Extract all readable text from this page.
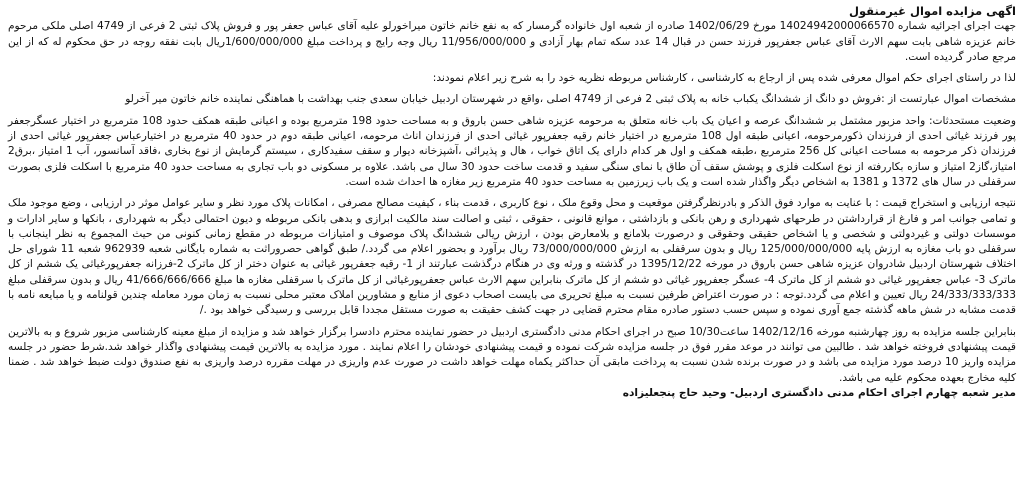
اگهی مزایده اموال غیرمنقول

جهت اجرای اجرائیه شماره 14024942000066570 مورخ 1402/06/29 صادره از شعبه اول خانواده گرمسار که به نفع خانم خاتون میراخورلو علیه آقای عباس جعفر پور و فروش پلاک ثبتی 2 فرعی از 4749 اصلی ملکی مرحوم خانم عزیزه شاهی بابت سهم الارث آقای عباس جعفرپور فرزند حسن در قبال 14 عدد سکه تمام بهار آزادی و 11/956/000/000 ریال وجه رایج و پرداخت مبلغ 1/600/000/000ریال بابت نفقه روجه در حق محکوم له که از این مرجع صادر گردیده است.

لذا در راستای اجرای حکم اموال معرفی شده پس از ارجاع به کارشناسی ، کارشناس مربوطه نظریه خود را به شرح زیر اعلام نمودند:

مشخصات اموال عبارتست از :فروش دو دانگ از ششدانگ یکباب خانه به پلاک ثبتی 2 فرعی از 4749 اصلی ،واقع در شهرستان اردبیل خیابان سعدی جنب بهداشت با هماهنگی نماینده خانم خاتون میر آخرلو

وضعیت مستحدثات: واحد مزبور مشتمل بر ششدانگ عرصه و اعیان یک باب خانه متعلق به مرحومه عزیزه شاهی حسن باروق و به مساحت حدود 198 مترمربع بوده و اعیانی طبقه همکف حدود 108 مترمربع در اختیار عسگرجعفر پور فرزند غیاثی احدی از فرزندان ذکورمرحومه، اعیانی طبقه اول 108 مترمربع در اختیار خانم رقیه جعفرپور غیاثی احدی از فرزندان اناث مرحومه، اعیانی طبقه دوم در حدود 40 مترمربع در اختیارعباس جعفرپور غیاثی احدی از فرزندان ذکر مرحومه به مساحت اعیانی کل 256 مترمربع ،طبقه همکف و اول هر کدام دارای یک اتاق خواب ، هال و پذیرائی ،آشپزخانه دیوار و سقف سفیدکاری ، سیستم گرمایش از نوع بخاری ،فاقد آسانسور، آب 1 امتیاز ،برق2 امتیاز،گاز2 امتیاز و سازه بکاررفته از نوع اسکلت فلزی و پوشش سقف آن طاق با نمای سنگی سفید و قدمت ساخت حدود 30 سال می باشد. علاوه بر مسکونی دو باب تجاری به مساحت حدود 40 مترمربع با اسکلت فلزی بصورت سرقفلی در سال های 1372 و 1381 به اشخاص دیگر واگذار شده است و یک باب زیرزمین به مساحت حدود 40 مترمربع زیر مغازه ها احداث شده است.

نتیجه ارزیابی و استخراج قیمت : با عنایت به موارد فوق الذکر و بادرنظرگرفتن موقعیت و محل وقوع ملک ، نوع کاربری ، قدمت بناء ، کیفیت مصالح مصرفی ، امکانات پلاک مورد نظر و سایر عوامل موثر در ارزیابی ، وضع موجود ملک و تمامی جوانب امر و فارغ از قرارداشتن در طرحهای شهرداری و رهن بانکی و بازداشتی ، موانع قانونی ، حقوقی ، ثبتی و اصالت سند مالکیت ابرازی و بدهی بانکی مربوطه و دیون احتمالی دیگر به شهرداری ، بانکها و سایر ادارات و موسسات دولتی و غیردولتی و شخصی و یا اشخاص حقیقی وحقوقی و درصورت بلامانع و بلامعارض بودن ، ارزش ریالی ششدانگ پلاک موصوف و امتیازات مربوطه در مقطع زمانی کنونی من حیث المجموع به نظر اینجانب با سرقفلی دو باب مغازه به ارزش پایه 125/000/000/000 ریال و بدون سرقفلی به ارزش 73/000/000/000 ریال برآورد و بحضور اعلام می گردد./ طبق گواهی حصروراثت به شماره بایگانی شعبه 962939 شعبه 11 شورای حل اختلاف شهرستان اردبیل شادروان عزیزه شاهی حسن باروق در مورخه 1395/12/22 در گذشته و ورثه وی در هنگام درگذشت عبارتند از 1- رقیه جعفرپور غیاثی به عنوان دختر از کل ماترک 2-فرزانه جعفرپورغیاثی یک ششم از کل ماترک 3- عباس جعفرپور غیاثی دو ششم از کل ماترک 4- عسگر جعفرپور غیاثی دو ششم از کل ماترک بنابراین سهم الارث عباس جعفرپورغیاثی از کل ماترک با سرقفلی مغازه ها مبلغ 41/666/666/666 ریال و بدون سرقفلی مبلغ 24/333/333/333 ریال تعیین و اعلام می گردد.توجه : در صورت اعتراض طرفین نسبت به مبلغ تحریری می بایست اصحاب دعوی از منابع و مشاورین املاک معتبر محلی نسبت به زمان مورد معامله چندین قولنامه و یا مبایعه نامه با قدمت مشابه در شش ماهه گذشته جمع آوری نموده و سپس حسب دستور صادره مقام محترم قضایی در جهت کشف حقیقت به صورت مستقل مجددا قابل بررسی و رسیدگی خواهد بود ./

بنابراین جلسه مزایده به روز چهارشنبه مورخه 1402/12/16 ساعت10/30 صبح در اجرای احکام مدنی دادگستری اردبیل در حضور نماینده محترم دادسرا برگزار خواهد شد و مزایده از مبلغ معینه کارشناسی مزبور شروع و به بالاترین قیمت پیشنهادی فروخته خواهد شد . طالبین می توانند در موعد مقرر فوق در جلسه مزایده شرکت نموده و قیمت پیشنهادی خودشان را اعلام نمایند . مورد مزایده به بالاترین قیمت پیشنهادی واگذار خواهد شد.شرط حضور در جلسه مزایده واریز 10 درصد مورد مزایده می باشد و در صورت برنده شدن نسبت به پرداخت مابقی آن حداکثر یکماه مهلت خواهد داشت در صورت عدم واریزی در مهلت مقرره درصد واریزی به نفع صندوق دولت ضبط خواهد شد . ضمنا کلیه مخارج بعهده محکوم علیه می باشد.

مدیر شعبه چهارم اجرای احکام مدنی دادگستری اردبیل- وحید حاج پنجعلیزاده
